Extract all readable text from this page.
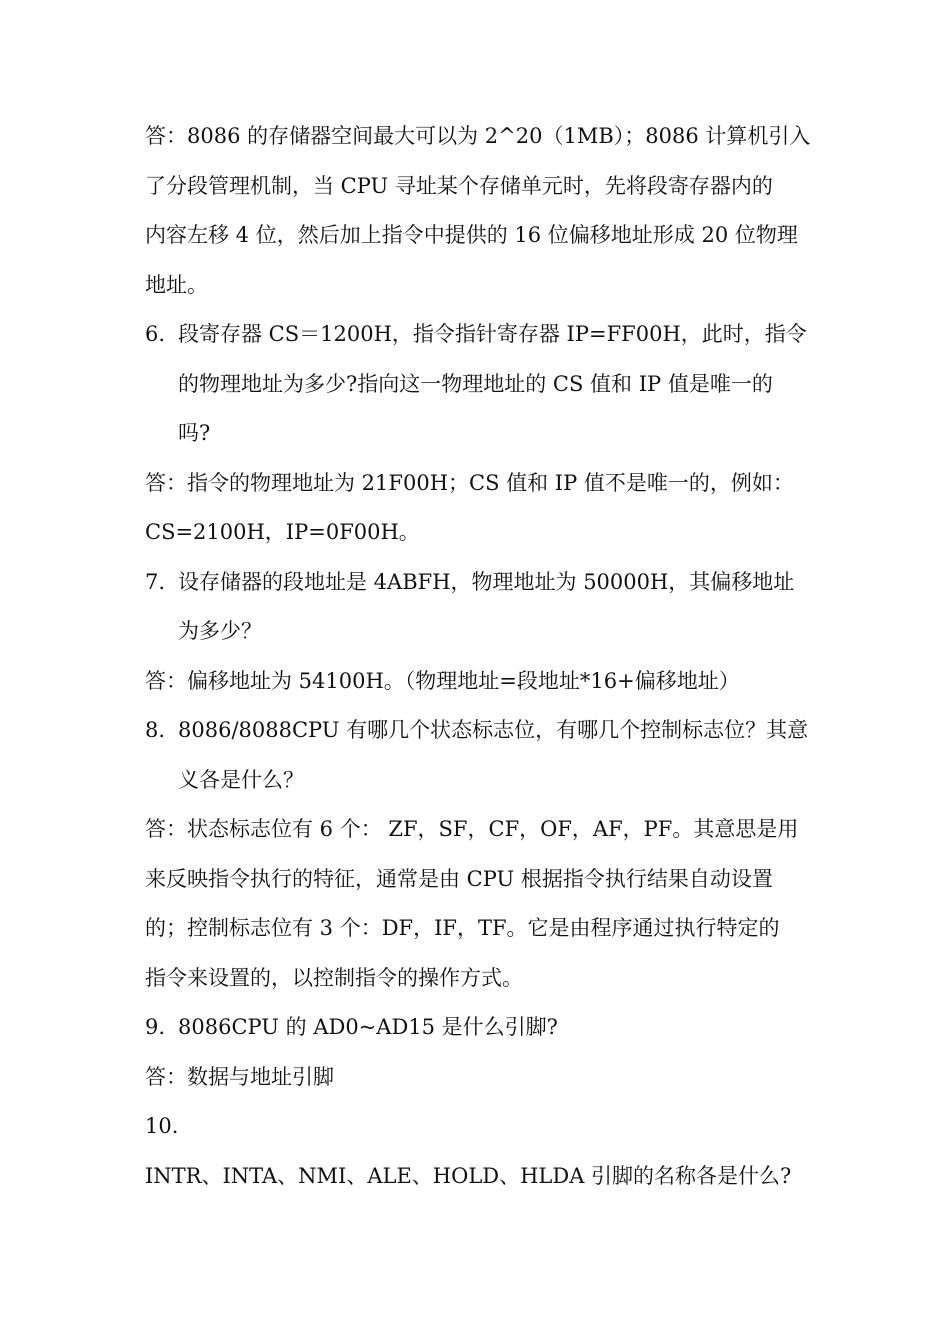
答：8086 的存储器空间最大可以为 2^20（1MB）；8086 计算机引入
了分段管理机制，当 CPU 寻址某个存储单元时，先将段寄存器内的
内容左移 4 位，然后加上指令中提供的 16 位偏移地址形成 20 位物理
地址。
6. 段寄存器 CS＝1200H，指令指针寄存器 IP=FF00H，此时，指令
的物理地址为多少?指向这一物理地址的 CS 值和 IP 值是唯一的
吗?
答：指令的物理地址为 21F00H；CS 值和 IP 值不是唯一的，例如：
CS=2100H，IP=0F00H。
7. 设存储器的段地址是 4ABFH，物理地址为 50000H，其偏移地址
为多少？
答：偏移地址为 54100H。（物理地址=段地址*16+偏移地址）
8. 8086/8088CPU 有哪几个状态标志位，有哪几个控制标志位？其意
义各是什么？
答：状态标志位有 6 个： ZF，SF，CF，OF，AF，PF。其意思是用
来反映指令执行的特征，通常是由 CPU 根据指令执行结果自动设置
的；控制标志位有 3 个：DF，IF，TF。它是由程序通过执行特定的
指令来设置的，以控制指令的操作方式。
9. 8086CPU 的 AD0~AD15 是什么引脚?
答：数据与地址引脚
10. INTR、INTA、NMI、ALE、HOLD、HLDA 引脚的名称各是什么?
